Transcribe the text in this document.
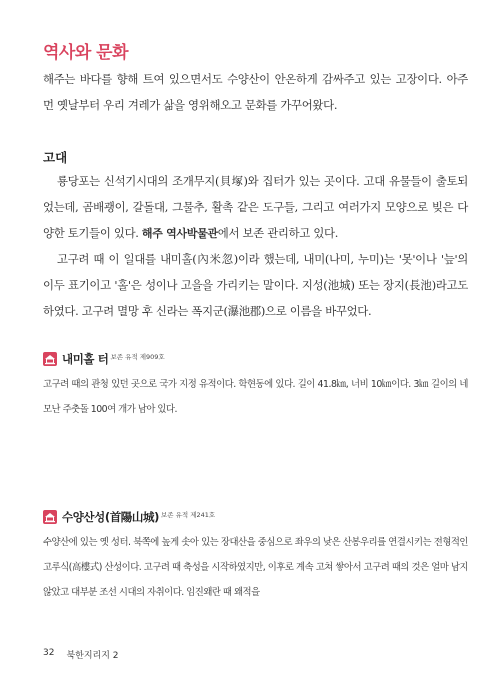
역사와 문화

해주는 바다를 향해 트여 있으면서도 수양산이 안온하게 감싸주고 있는 고장이다. 아주 먼 옛날부터 우리 겨레가 삶을 영위해오고 문화를 가꾸어왔다.

고대

룡당포는 신석기시대의 조개무지(貝塚)와 집터가 있는 곳이다. 고대 유물들이 출토되었는데, 곰배괭이, 갈돌대, 그물추, 활촉 같은 도구들, 그리고 여러가지 모양으로 빚은 다양한 토기들이 있다. 해주 역사박물관에서 보존 관리하고 있다.

고구려 때 이 일대를 내미홀(內米忽)이라 했는데, 내미(나미, 누미)는 '못'이나 '늪'의 이두 표기이고 '홀'은 성이나 고을을 가리키는 말이다. 지성(池城) 또는 장지(長池)라고도 하였다. 고구려 멸망 후 신라는 폭지군(瀑池郡)으로 이름을 바꾸었다.

내미홀 터 보존 유적 제909호

고구려 때의 관청 있던 곳으로 국가 지정 유적이다. 학현동에 있다. 길이 41.8㎞, 너비 10㎞이다. 3㎞ 길이의 네모난 주춧돌 100여 개가 남아 있다.

수양산성(首陽山城) 보존 유적 제241호

수양산에 있는 옛 성터. 북쪽에 높게 솟아 있는 장대산을 중심으로 좌우의 낮은 산봉우리를 연결시키는 전형적인 고루식(高樓式) 산성이다. 고구려 때 축성을 시작하였지만, 이후로 계속 고쳐 쌓아서 고구려 때의 것은 얼마 남지 않았고 대부분 조선 시대의 자취이다. 임진왜란 때 왜적을

32 북한지리지 2
